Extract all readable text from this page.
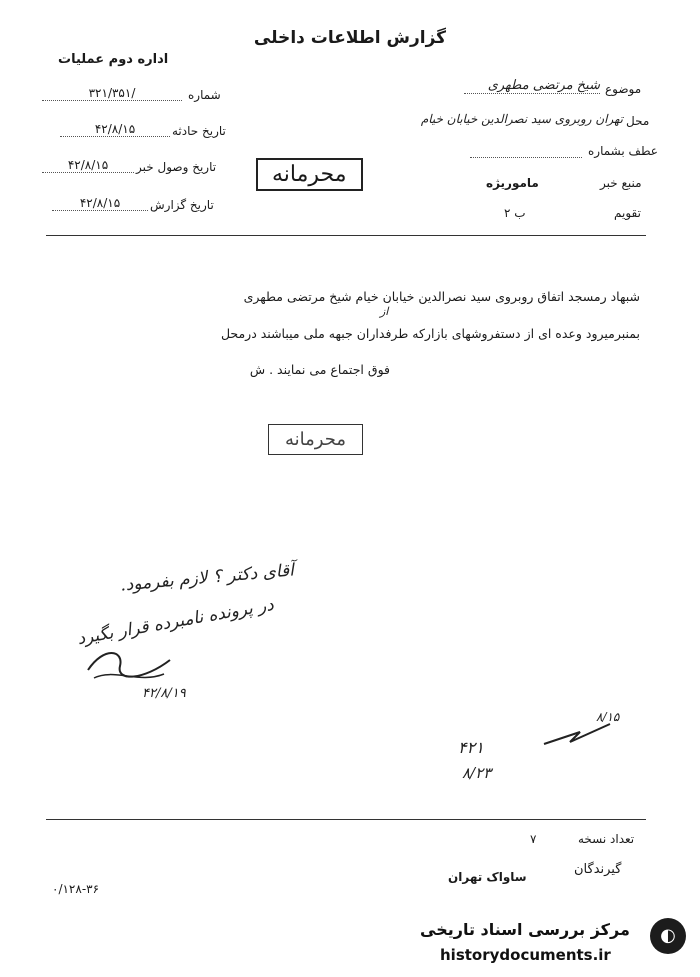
گزارش اطلاعات داخلی
اداره دوم عملیات
شماره
۳۲۱/۳۵۱/
تاریخ حادثه
۴۲/۸/۱۵
تاریخ وصول خبر
۴۲/۸/۱۵
تاریخ گزارش
۴۲/۸/۱۵
موضوع
شیخ مرتضی مطهری
محل
تهران روبروی سید نصرالدین خیابان خیام
عطف بشماره
منبع خبر
ماموریژه
تقویم
ب ۲
محرمانه
شبهاد رمسجد اتفاق روبروی سید نصرالدین خیابان خیام شیخ مرتضی مطهری
از
بمنبرمیرود وعده ای از دستفروشهای بازارکه طرفداران جبهه ملی میباشند درمحل
فوق اجتماع می نمایند . ش
محرمانه
آقای دکتر ؟ لازم بفرمود.
در پرونده نامبرده قرار بگیرد
۴۲/۸/۱۹
۸/۱۵
۴۲۱
۸/۲۳
تعداد نسخه
۷
گیرندگان
ساواک تهران
۰/۱۲۸-۳۶
◐
مرکز بررسی اسناد تاریخی
historydocuments.ir
